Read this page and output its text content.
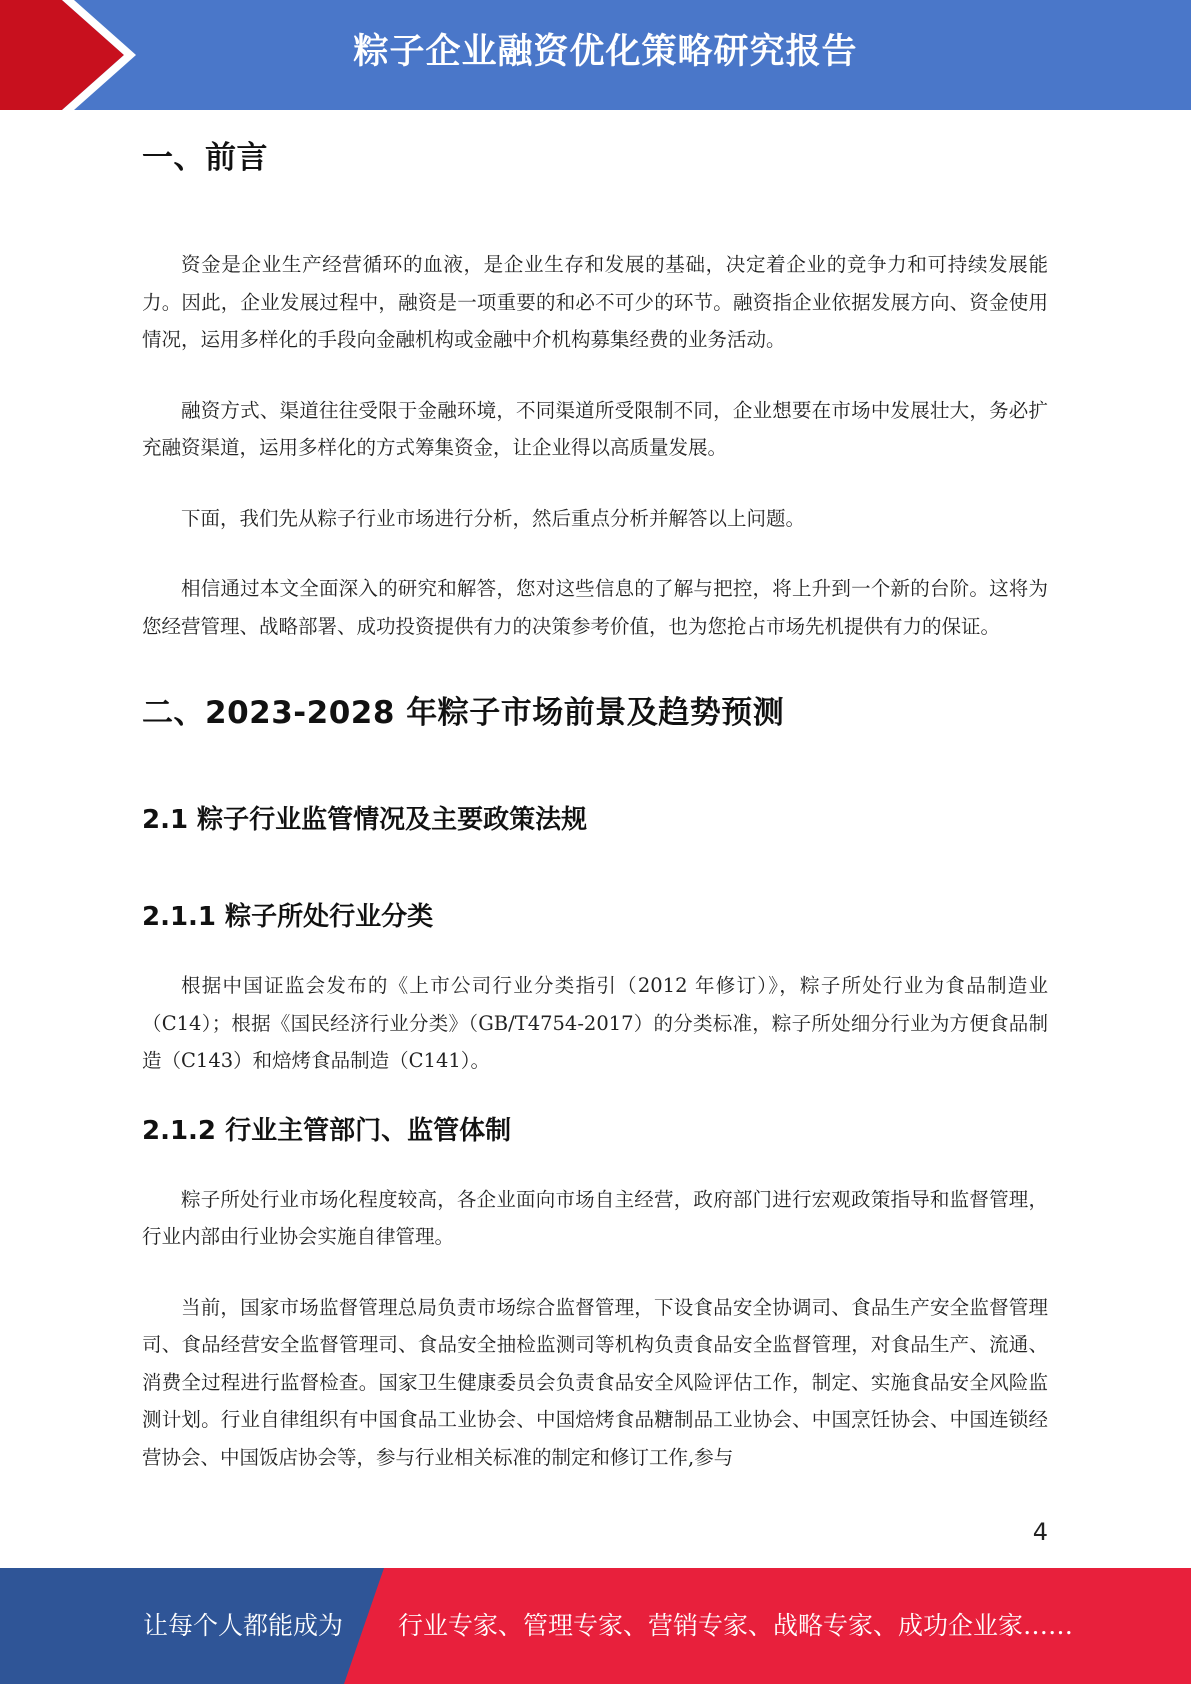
粽子企业融资优化策略研究报告
一、前言

资金是企业生产经营循环的血液，是企业生存和发展的基础，决定着企业的竞争力和可持续发展能力。因此，企业发展过程中，融资是一项重要的和必不可少的环节。融资指企业依据发展方向、资金使用情况，运用多样化的手段向金融机构或金融中介机构募集经费的业务活动。

融资方式、渠道往往受限于金融环境，不同渠道所受限制不同，企业想要在市场中发展壮大，务必扩充融资渠道，运用多样化的方式筹集资金，让企业得以高质量发展。

下面，我们先从粽子行业市场进行分析，然后重点分析并解答以上问题。

相信通过本文全面深入的研究和解答，您对这些信息的了解与把控，将上升到一个新的台阶。这将为您经营管理、战略部署、成功投资提供有力的决策参考价值，也为您抢占市场先机提供有力的保证。

二、2023-2028 年粽子市场前景及趋势预测
2.1 粽子行业监管情况及主要政策法规
2.1.1 粽子所处行业分类

根据中国证监会发布的《上市公司行业分类指引（2012 年修订）》，粽子所处行业为食品制造业（C14）；根据《国民经济行业分类》（GB/T4754-2017）的分类标准，粽子所处细分行业为方便食品制造（C143）和焙烤食品制造（C141）。

2.1.2 行业主管部门、监管体制

粽子所处行业市场化程度较高，各企业面向市场自主经营，政府部门进行宏观政策指导和监督管理，行业内部由行业协会实施自律管理。

当前，国家市场监督管理总局负责市场综合监督管理，下设食品安全协调司、食品生产安全监督管理司、食品经营安全监督管理司、食品安全抽检监测司等机构负责食品安全监督管理，对食品生产、流通、消费全过程进行监督检查。国家卫生健康委员会负责食品安全风险评估工作，制定、实施食品安全风险监测计划。行业自律组织有中国食品工业协会、中国焙烤食品糖制品工业协会、中国烹饪协会、中国连锁经营协会、中国饭店协会等，参与行业相关标准的制定和修订工作,参与

4
让每个人都能成为 行业专家、管理专家、营销专家、战略专家、成功企业家……
